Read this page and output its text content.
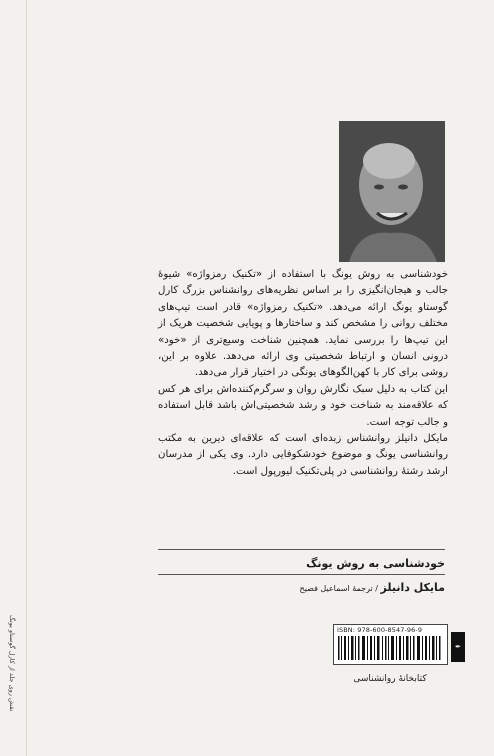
خودشناسی به روش یونگ با استفاده از «تکنیک رمزواژه» شیوهٔ جالب و هیجان‌انگیزی را بر اساس نظریه‌های روانشناس بزرگ کارل گوستاو یونگ ارائه می‌دهد. «تکنیک رمزواژه» قادر است تیپ‌های مختلف روانی را مشخص کند و ساختارها و پویایی شخصیت هریک از این تیپ‌ها را بررسی نماید. همچنین شناخت وسیع‌تری از «خود» درونی انسان و ارتباط شخصیتی وی ارائه می‌دهد. علاوه بر این، روشی برای کار با کهن‌الگوهای یونگی در اختیار قرار می‌دهد.

این کتاب به دلیل سبک نگارش روان و سرگرم‌کننده‌اش برای هر کس که علاقه‌مند به شناخت خود و رشد شخصیتی‌اش باشد قابل استفاده و جالب توجه است.

مایکل دانیلز روانشناس زبده‌ای است که علاقه‌ای دیرین به مکتب روانشناسی یونگ و موضوع خودشکوفایی دارد. وی یکی از مدرسان ارشد رشتهٔ روانشناسی در پلی‌تکنیک لیورپول است.

خودشناسی به روش یونگ
مایکل دانیلز / ترجمهٔ اسماعیل فصیح
ISBN: 978-600-8547-96-9
✒
کتابخانهٔ روانشناسی
نقش روی جلد از کارل گوستاو یونگ
